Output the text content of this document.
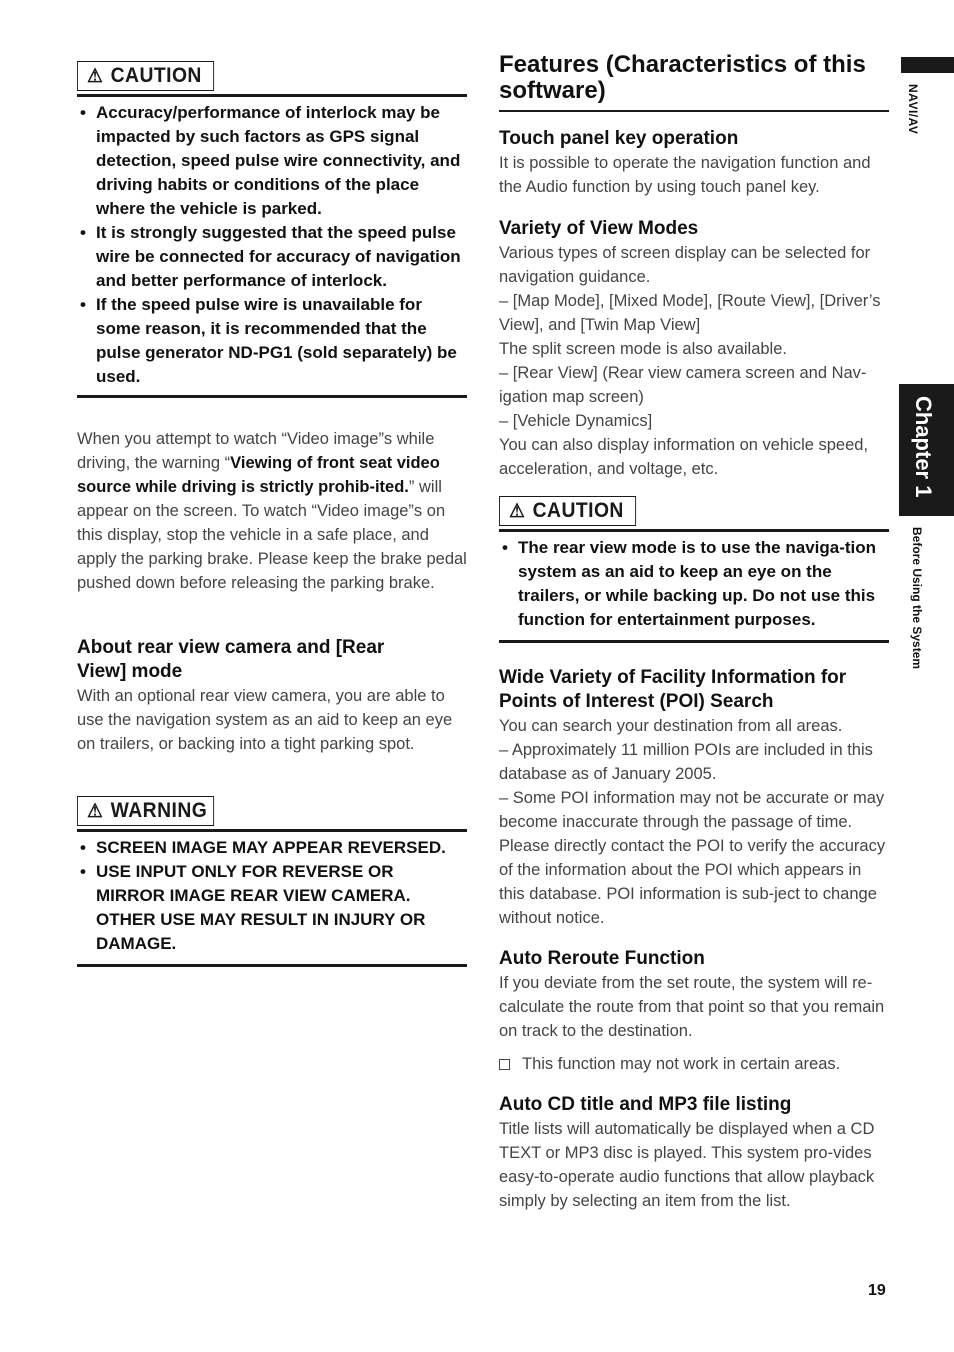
NAVI/AV
Chapter 1
Before Using the System
⚠ CAUTION
• Accuracy/performance of interlock may be impacted by such factors as GPS signal detection, speed pulse wire connectivity, and driving habits or conditions of the place where the vehicle is parked.
• It is strongly suggested that the speed pulse wire be connected for accuracy of navigation and better performance of interlock.
• If the speed pulse wire is unavailable for some reason, it is recommended that the pulse generator ND-PG1 (sold separately) be used.

When you attempt to watch “Video image”s while driving, the warning “Viewing of front seat video source while driving is strictly prohib-ited.” will appear on the screen. To watch “Video image”s on this display, stop the vehicle in a safe place, and apply the parking brake. Please keep the brake pedal pushed down before releasing the parking brake.

About rear view camera and [Rear View] mode

With an optional rear view camera, you are able to use the navigation system as an aid to keep an eye on trailers, or backing into a tight parking spot.

⚠ WARNING
• SCREEN IMAGE MAY APPEAR REVERSED.
• USE INPUT ONLY FOR REVERSE OR MIRROR IMAGE REAR VIEW CAMERA. OTHER USE MAY RESULT IN INJURY OR DAMAGE.
Features (Characteristics of this software)
Touch panel key operation

It is possible to operate the navigation function and the Audio function by using touch panel key.

Variety of View Modes

Various types of screen display can be selected for navigation guidance.

– [Map Mode], [Mixed Mode], [Route View], [Driver’s View], and [Twin Map View]

The split screen mode is also available.

– [Rear View] (Rear view camera screen and Nav-igation map screen)

– [Vehicle Dynamics]

You can also display information on vehicle speed, acceleration, and voltage, etc.

⚠ CAUTION
• The rear view mode is to use the naviga-tion system as an aid to keep an eye on the trailers, or while backing up. Do not use this function for entertainment purposes.
Wide Variety of Facility Information for Points of Interest (POI) Search

You can search your destination from all areas.

– Approximately 11 million POIs are included in this database as of January 2005.

– Some POI information may not be accurate or may become inaccurate through the passage of time. Please directly contact the POI to verify the accuracy of the information about the POI which appears in this database. POI information is sub-ject to change without notice.

Auto Reroute Function

If you deviate from the set route, the system will re-calculate the route from that point so that you remain on track to the destination.

This function may not work in certain areas.

Auto CD title and MP3 file listing

Title lists will automatically be displayed when a CD TEXT or MP3 disc is played. This system pro-vides easy-to-operate audio functions that allow playback simply by selecting an item from the list.

19
